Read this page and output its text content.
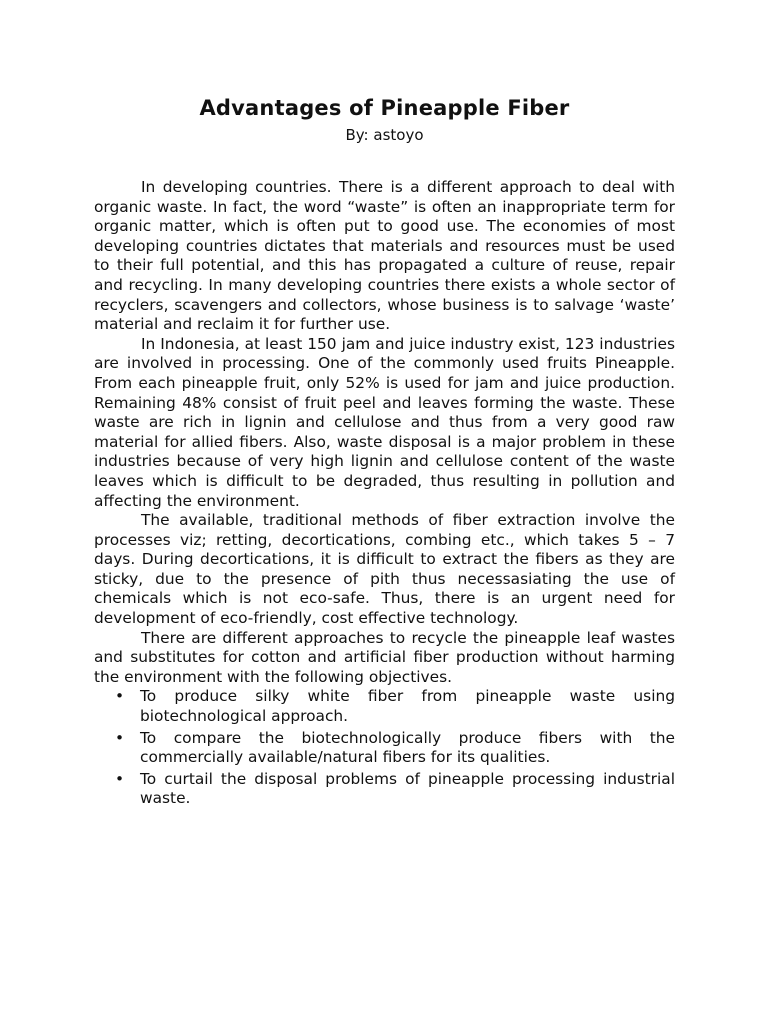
Advantages of Pineapple Fiber

By: astoyo

In developing countries. There is a different approach to deal with organic waste. In fact, the word “waste” is often an inappropriate term for organic matter, which is often put to good use. The economies of most developing countries dictates that materials and resources must be used to their full potential, and this has propagated a culture of reuse, repair and recycling. In many developing countries there exists a whole sector of recyclers, scavengers and collectors, whose business is to salvage ‘waste’ material and reclaim it for further use.

In Indonesia, at least 150 jam and juice industry exist, 123 industries are involved in processing. One of the commonly used fruits Pineapple. From each pineapple fruit, only 52% is used for jam and juice production. Remaining 48% consist of fruit peel and leaves forming the waste. These waste are rich in lignin and cellulose and thus from a very good raw material for allied fibers. Also, waste disposal is a major problem in these industries because of very high lignin and cellulose content of the waste leaves which is difficult to be degraded, thus resulting in pollution and affecting the environment.

The available, traditional methods of fiber extraction involve the processes viz; retting, decortications, combing etc., which takes 5 – 7 days. During decortications, it is difficult to extract the fibers as they are sticky, due to the presence of pith thus necessasiating the use of chemicals which is not eco-safe. Thus, there is an urgent need for development of eco-friendly, cost effective technology.

There are different approaches to recycle the pineapple leaf wastes and substitutes for cotton and artificial fiber production without harming the environment with the following objectives.

• To produce silky white fiber from pineapple waste using biotechnological approach.
• To compare the biotechnologically produce fibers with the commercially available/natural fibers for its qualities.
• To curtail the disposal problems of pineapple processing industrial waste.
